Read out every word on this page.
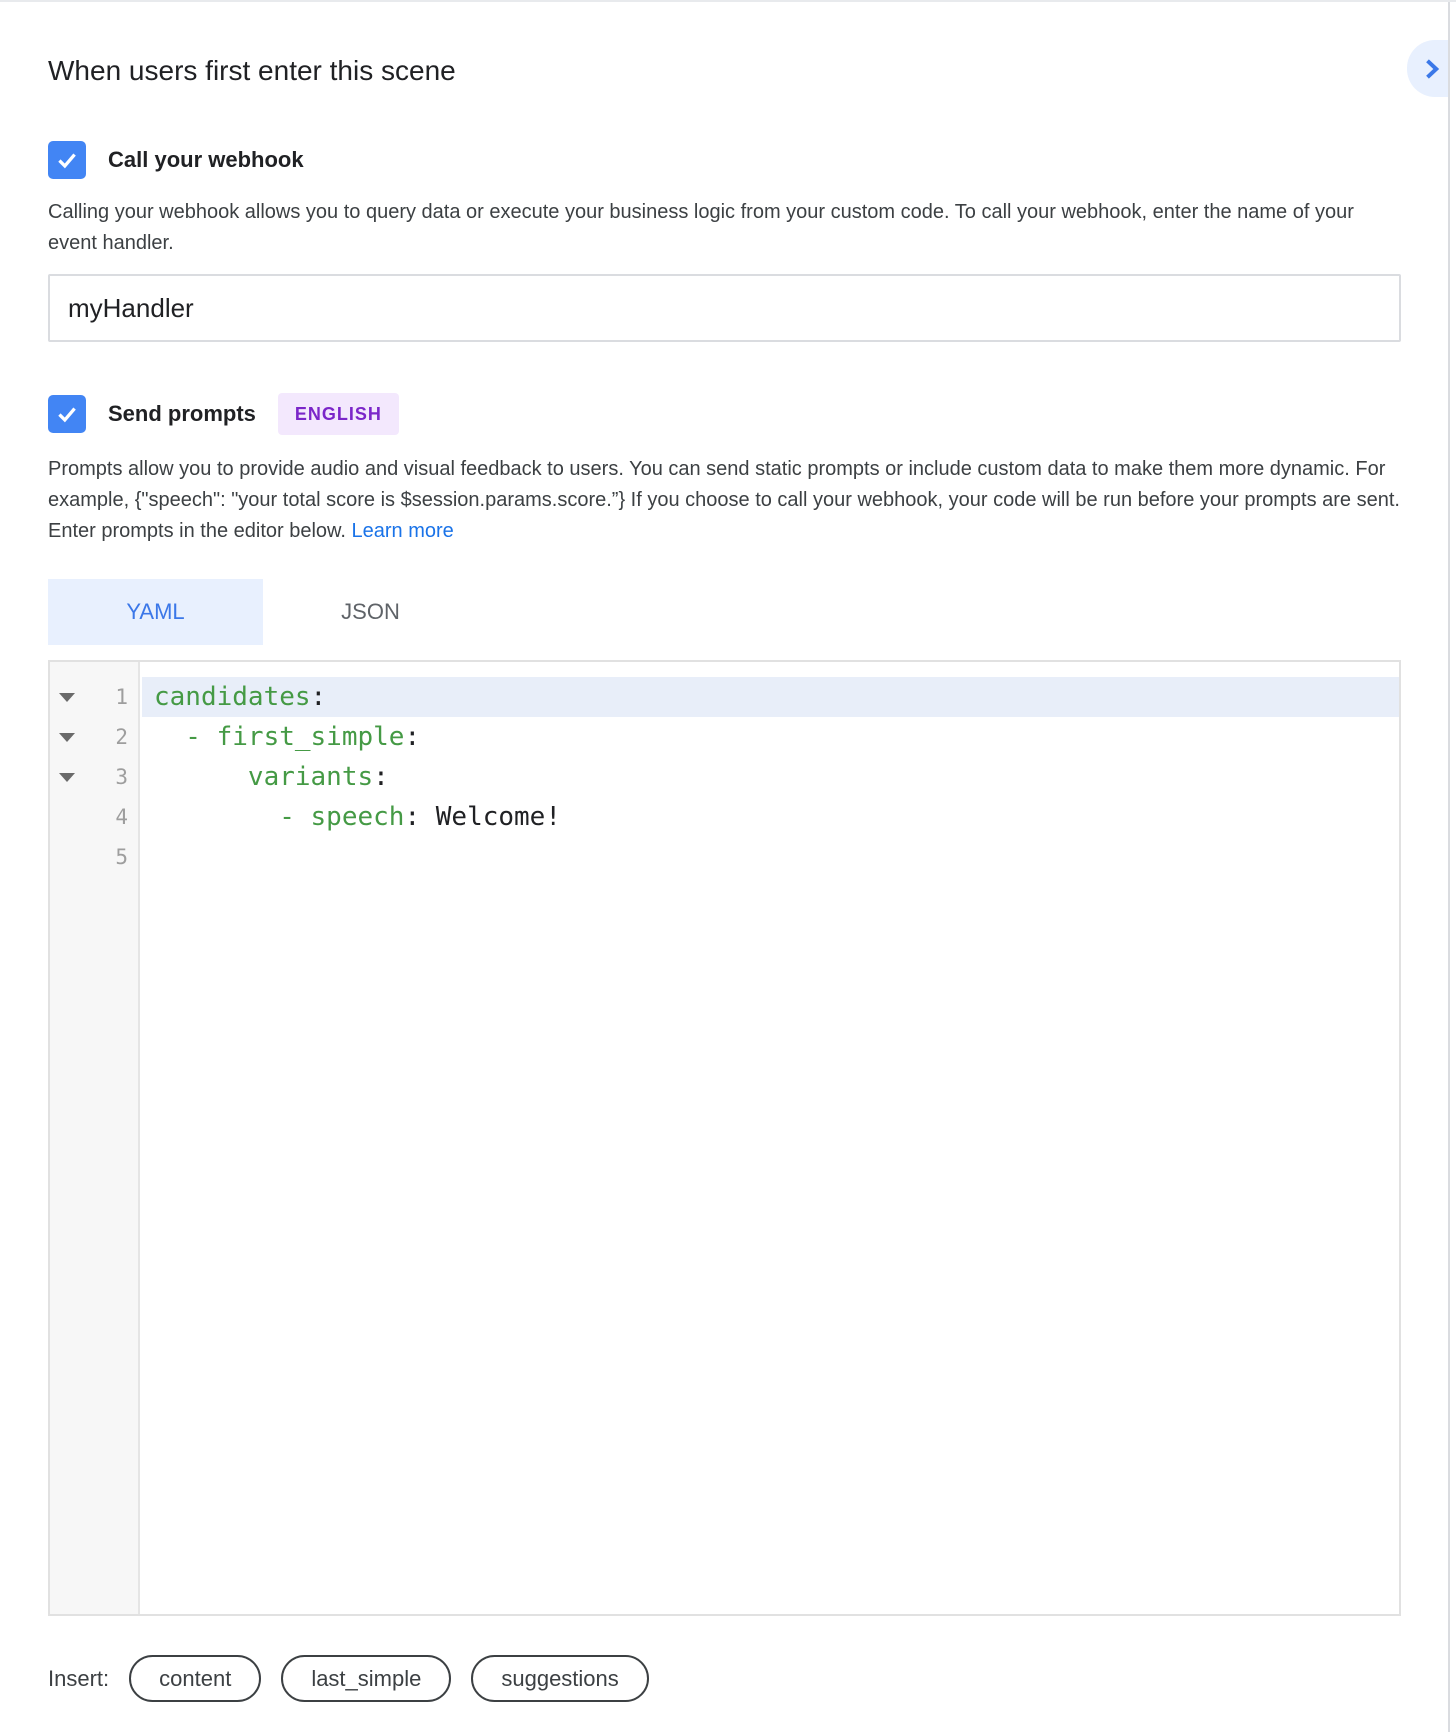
When users first enter this scene
Call your webhook

Calling your webhook allows you to query data or execute your business logic from your custom code. To call your webhook, enter the name of your event handler.

myHandler
Send prompts	ENGLISH

Prompts allow you to provide audio and visual feedback to users. You can send static prompts or include custom data to make them more dynamic. For example, {"speech": "your total score is $session.params.score.”} If you choose to call your webhook, your code will be run before your prompts are sent. Enter prompts in the editor below. Learn more

YAML	JSON
1	candidates :
2	- first_simple :
3	variants :
4	- speech : Welcome!
5
Insert:	content	last_simple	suggestions
